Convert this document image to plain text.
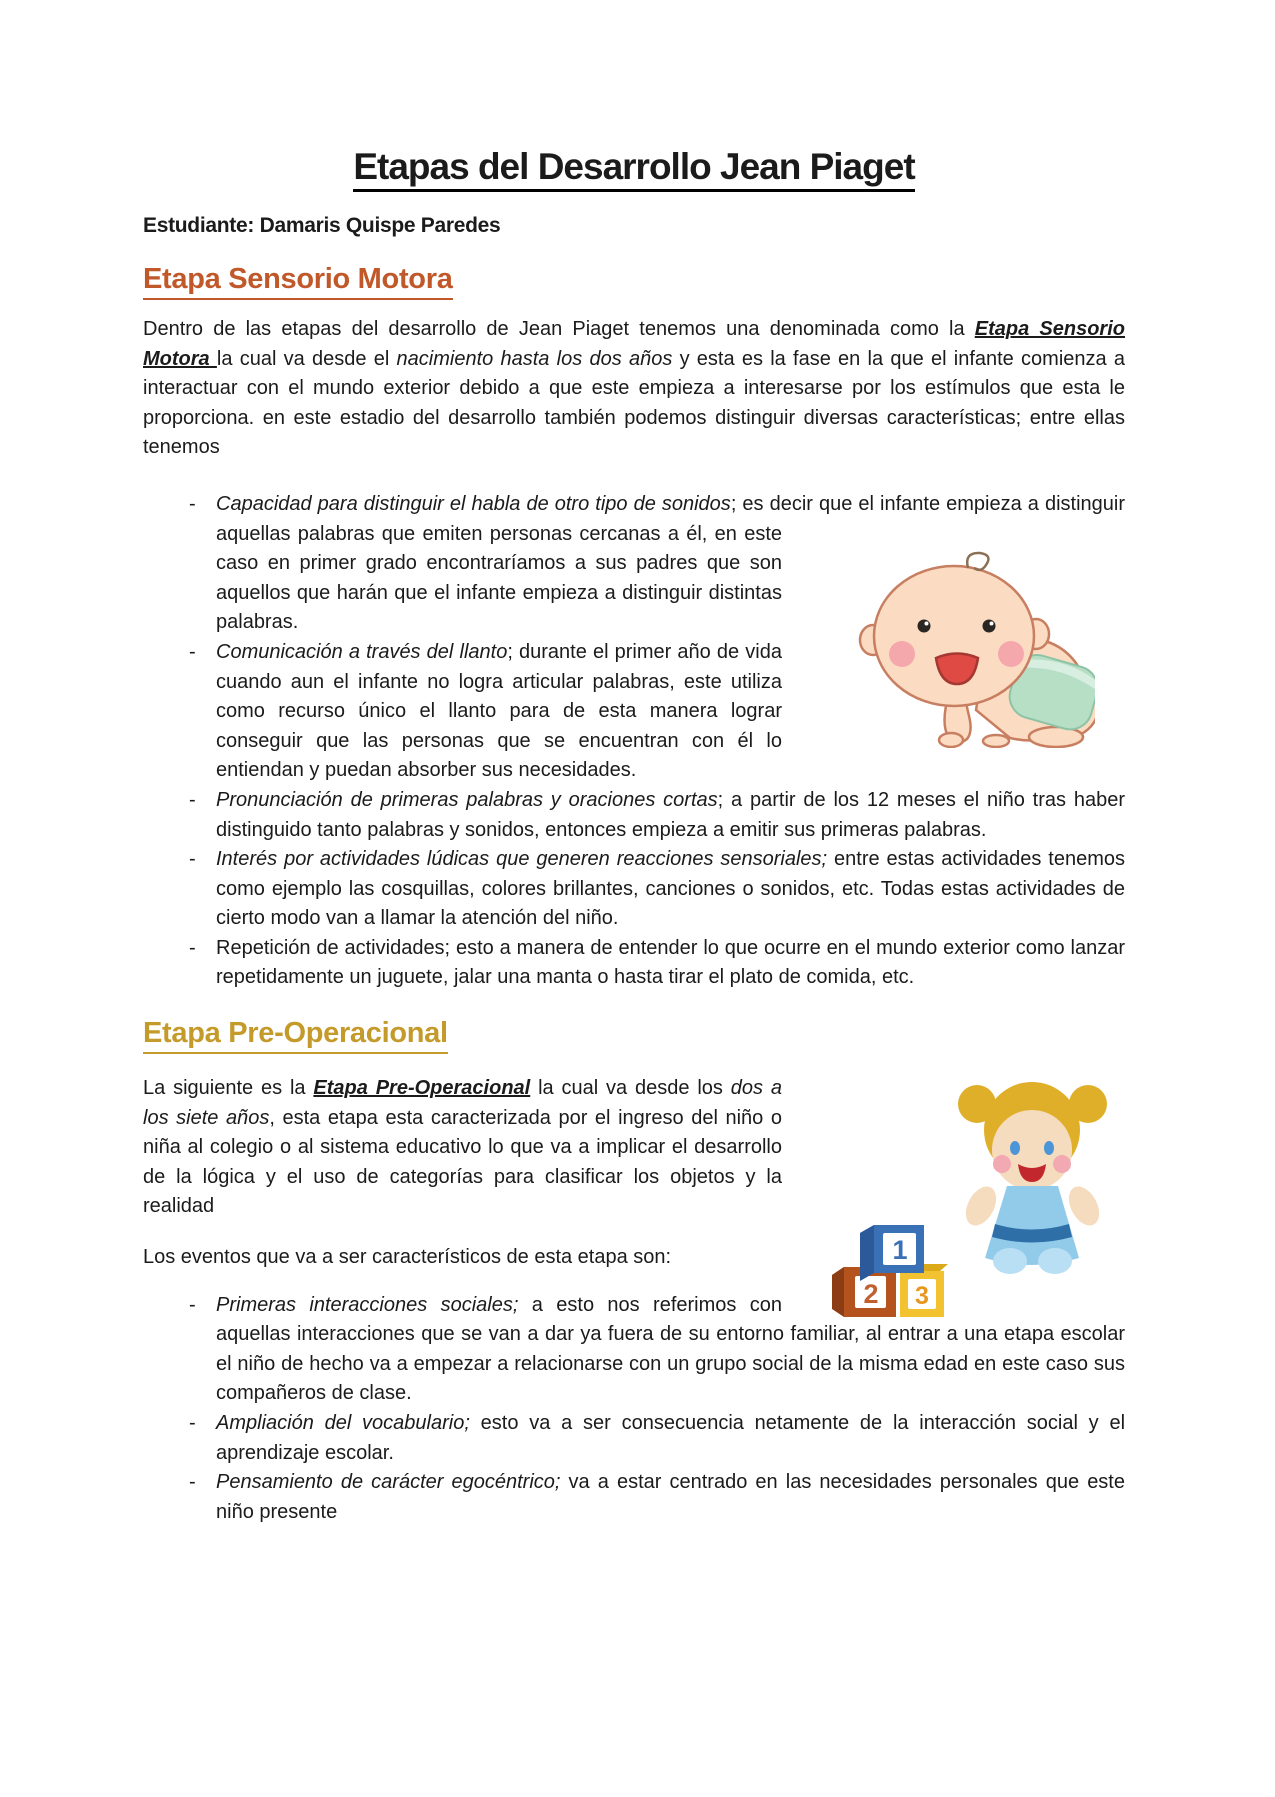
Etapas del Desarrollo Jean Piaget
Estudiante: Damaris Quispe Paredes
Etapa Sensorio Motora
Dentro de las etapas del desarrollo de Jean Piaget tenemos una denominada como la Etapa Sensorio Motora la cual va desde el nacimiento hasta los dos años y esta es la fase en la que el infante comienza a interactuar con el mundo exterior debido a que este empieza a interesarse por los estímulos que esta le proporciona. en este estadio del desarrollo también podemos distinguir diversas características; entre ellas tenemos
- Capacidad para distinguir el habla de otro tipo de sonidos; es decir que el infante empieza a distinguir aquellas palabras que emiten personas cercanas a él, en este caso en primer grado encontraríamos a sus padres que son aquellos que harán que el infante empieza a distinguir distintas palabras.
- Comunicación a través del llanto; durante el primer año de vida cuando aun el infante no logra articular palabras, este utiliza como recurso único el llanto para de esta manera lograr conseguir que las personas que se encuentran con él lo entiendan y puedan absorber sus necesidades.
- Pronunciación de primeras palabras y oraciones cortas; a partir de los 12 meses el niño tras haber distinguido tanto palabras y sonidos, entonces empieza a emitir sus primeras palabras.
- Interés por actividades lúdicas que generen reacciones sensoriales; entre estas actividades tenemos como ejemplo las cosquillas, colores brillantes, canciones o sonidos, etc. Todas estas actividades de cierto modo van a llamar la atención del niño.
- Repetición de actividades; esto a manera de entender lo que ocurre en el mundo exterior como lanzar repetidamente un juguete, jalar una manta o hasta tirar el plato de comida, etc.
Etapa Pre-Operacional
3
2
1
La siguiente es la Etapa Pre-Operacional la cual va desde los dos a los siete años, esta etapa esta caracterizada por el ingreso del niño o niña al colegio o al sistema educativo lo que va a implicar el desarrollo de la lógica y el uso de categorías para clasificar los objetos y la realidad
Los eventos que va a ser característicos de esta etapa son:
- Primeras interacciones sociales; a esto nos referimos con aquellas interacciones que se van a dar ya fuera de su entorno familiar, al entrar a una etapa escolar el niño de hecho va a empezar a relacionarse con un grupo social de la misma edad en este caso sus compañeros de clase.
- Ampliación del vocabulario; esto va a ser consecuencia netamente de la interacción social y el aprendizaje escolar.
- Pensamiento de carácter egocéntrico; va a estar centrado en las necesidades personales que este niño presente
